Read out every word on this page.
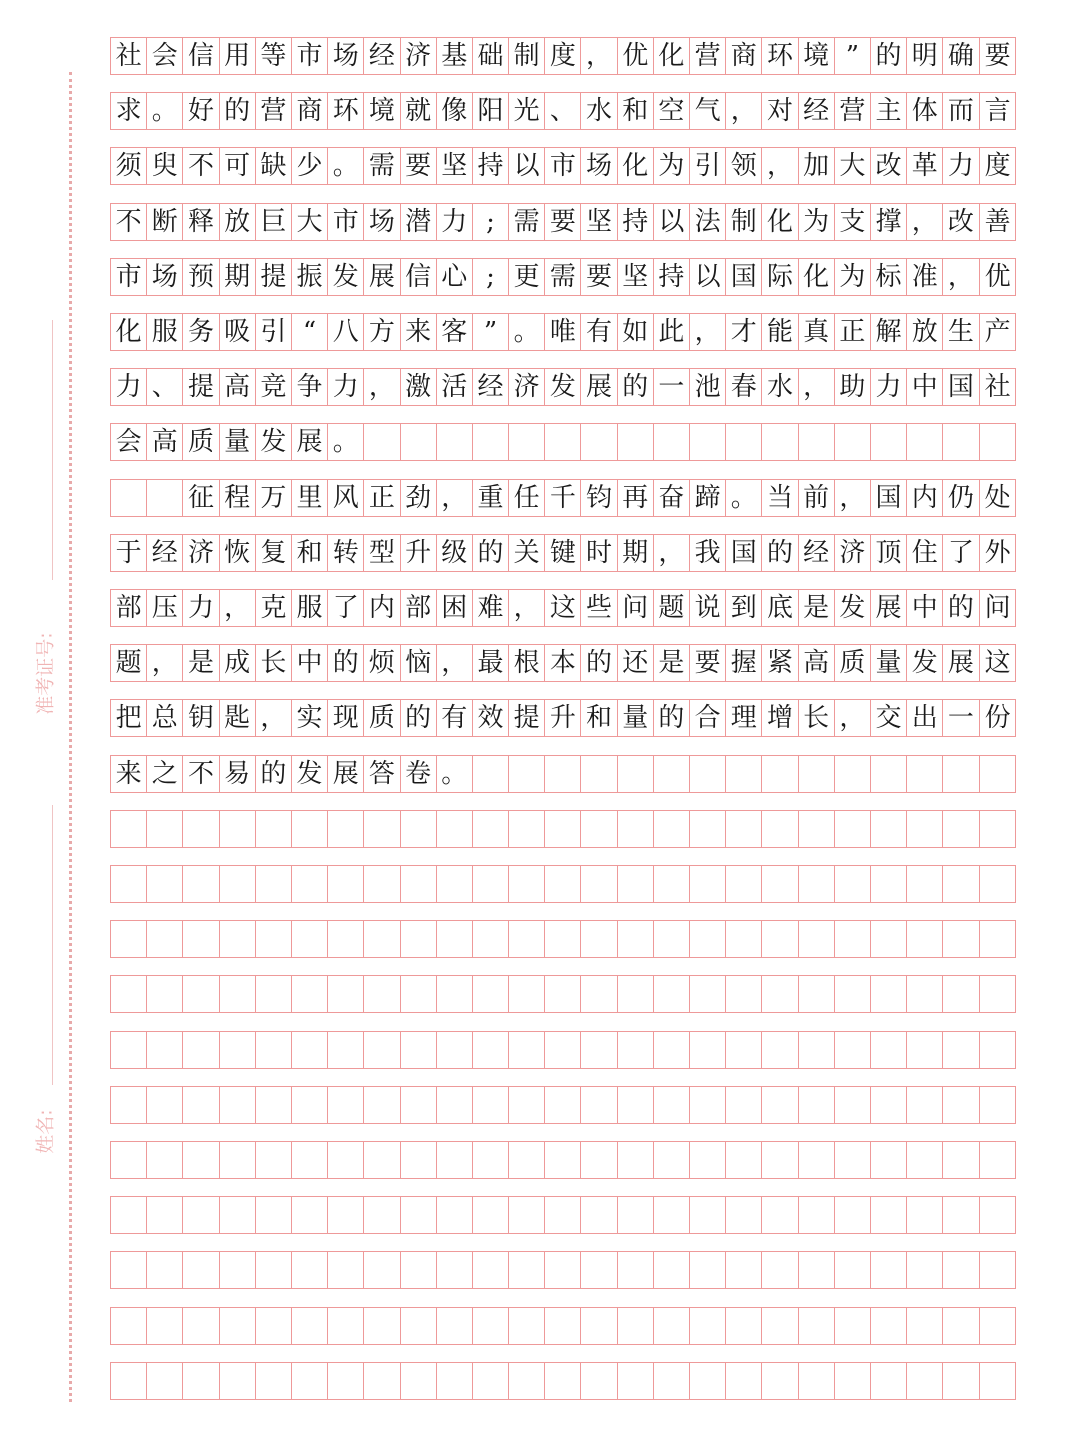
准考证号:
姓名:
社 会 信 用 等 市 场 经 济 基 础 制 度 ， 优 化 营 商 环 境 ” 的 明 确 要
求 。 好 的 营 商 环 境 就 像 阳 光 、 水 和 空 气 ， 对 经 营 主 体 而 言
须 臾 不 可 缺 少 。 需 要 坚 持 以 市 场 化 为 引 领 ， 加 大 改 革 力 度
不 断 释 放 巨 大 市 场 潜 力 ; 需 要 坚 持 以 法 制 化 为 支 撑 ， 改 善
市 场 预 期 提 振 发 展 信 心 ; 更 需 要 坚 持 以 国 际 化 为 标 准 ， 优
化 服 务 吸 引 “ 八 方 来 客 ” 。 唯 有 如 此 ， 才 能 真 正 解 放 生 产
力 、 提 高 竞 争 力 ， 激 活 经 济 发 展 的 一 池 春 水 ， 助 力 中 国 社
会 高 质 量 发 展 。
征 程 万 里 风 正 劲 ， 重 任 千 钧 再 奋 蹄 。 当 前 ， 国 内 仍 处
于 经 济 恢 复 和 转 型 升 级 的 关 键 时 期 ， 我 国 的 经 济 顶 住 了 外
部 压 力 ， 克 服 了 内 部 困 难 ， 这 些 问 题 说 到 底 是 发 展 中 的 问
题 ， 是 成 长 中 的 烦 恼 ， 最 根 本 的 还 是 要 握 紧 高 质 量 发 展 这
把 总 钥 匙 ， 实 现 质 的 有 效 提 升 和 量 的 合 理 增 长 ， 交 出 一 份
来 之 不 易 的 发 展 答 卷 。
